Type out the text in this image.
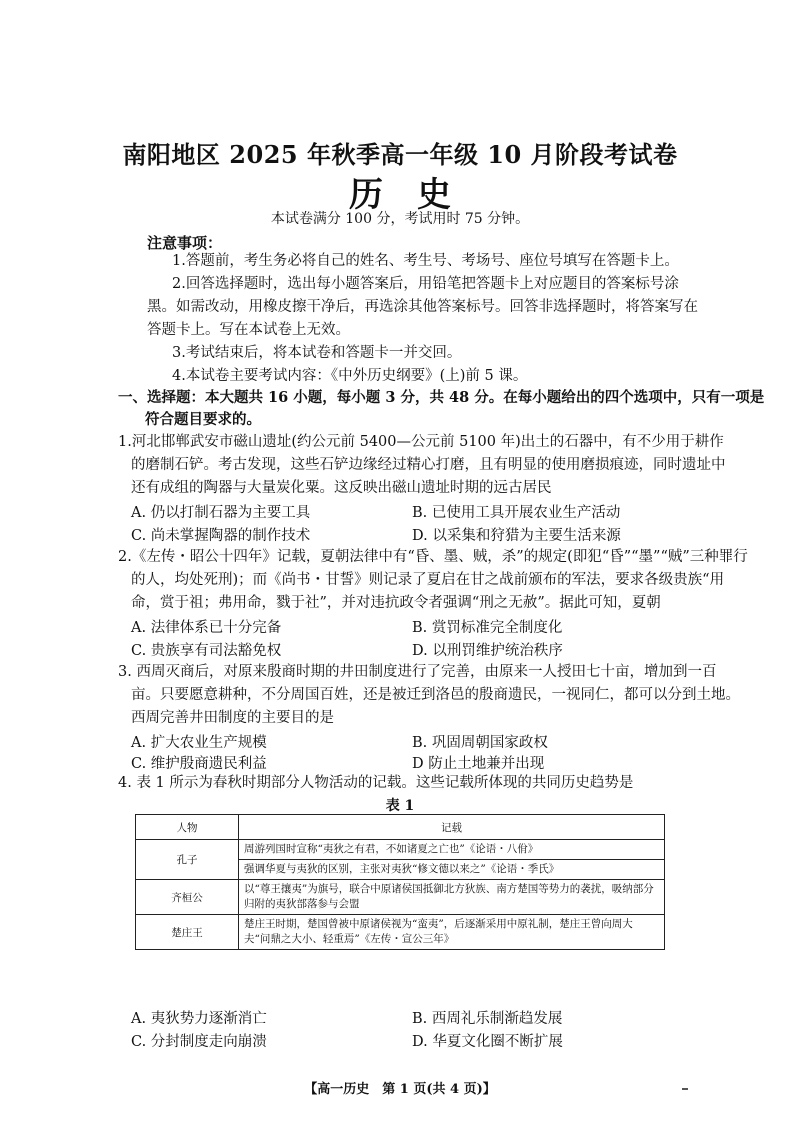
南阳地区 2025 年秋季高一年级 10 月阶段考试卷
历史
本试卷满分 100 分，考试用时 75 分钟。
注意事项：
1.答题前，考生务必将自己的姓名、考生号、考场号、座位号填写在答题卡上。
2.回答选择题时，选出每小题答案后，用铅笔把答题卡上对应题目的答案标号涂
黑。如需改动，用橡皮擦干净后，再选涂其他答案标号。回答非选择题时，将答案写在
答题卡上。写在本试卷上无效。
3.考试结束后，将本试卷和答题卡一并交回。
4.本试卷主要考试内容：《中外历史纲要》(上)前 5 课。
一、选择题：本大题共 16 小题，每小题 3 分，共 48 分。在每小题给出的四个选项中，只有一项是
符合题目要求的。
1.河北邯郸武安市磁山遗址(约公元前 5400—公元前 5100 年)出土的石器中，有不少用于耕作
的磨制石铲。考古发现，这些石铲边缘经过精心打磨，且有明显的使用磨损痕迹，同时遗址中
还有成组的陶器与大量炭化粟。这反映出磁山遗址时期的远古居民
A. 仍以打制石器为主要工具	B. 已使用工具开展农业生产活动
C. 尚未掌握陶器的制作技术	D. 以采集和狩猎为主要生活来源
2.《左传・昭公十四年》记载，夏朝法律中有“昏、墨、贼，杀”的规定(即犯“昏”“墨”“贼”三种罪行
的人，均处死刑)；而《尚书・甘誓》则记录了夏启在甘之战前颁布的军法，要求各级贵族“用
命，赏于祖；弗用命，戮于社”，并对违抗政令者强调“刑之无赦”。据此可知，夏朝
A. 法律体系已十分完备	B. 赏罚标准完全制度化
C. 贵族享有司法豁免权	D. 以刑罚维护统治秩序
3. 西周灭商后，对原来殷商时期的井田制度进行了完善，由原来一人授田七十亩，增加到一百
亩。只要愿意耕种，不分周国百姓，还是被迁到洛邑的殷商遗民，一视同仁，都可以分到土地。
西周完善井田制度的主要目的是
A. 扩大农业生产规模	B. 巩固周朝国家政权
C. 维护殷商遗民利益	D 防止土地兼并出现
4. 表 1 所示为春秋时期部分人物活动的记载。这些记载所体现的共同历史趋势是
表 1
人物	记载
孔子	周游列国时宣称“夷狄之有君，不如诸夏之亡也”《论语・八佾》
	强调华夏与夷狄的区别，主张对夷狄“修文德以来之”《论语・季氏》
齐桓公	以“尊王攘夷”为旗号，联合中原诸侯国抵御北方狄族、南方楚国等势力的袭扰，吸纳部分归附的夷狄部落参与会盟
楚庄王	楚庄王时期，楚国曾被中原诸侯视为“蛮夷”，后逐渐采用中原礼制，楚庄王曾向周大夫“问鼎之大小、轻重焉”《左传・宣公三年》
A. 夷狄势力逐渐消亡	B. 西周礼乐制渐趋发展
C. 分封制度走向崩溃	D. 华夏文化圈不断扩展
【高一历史　第 1 页(共 4 页)】
